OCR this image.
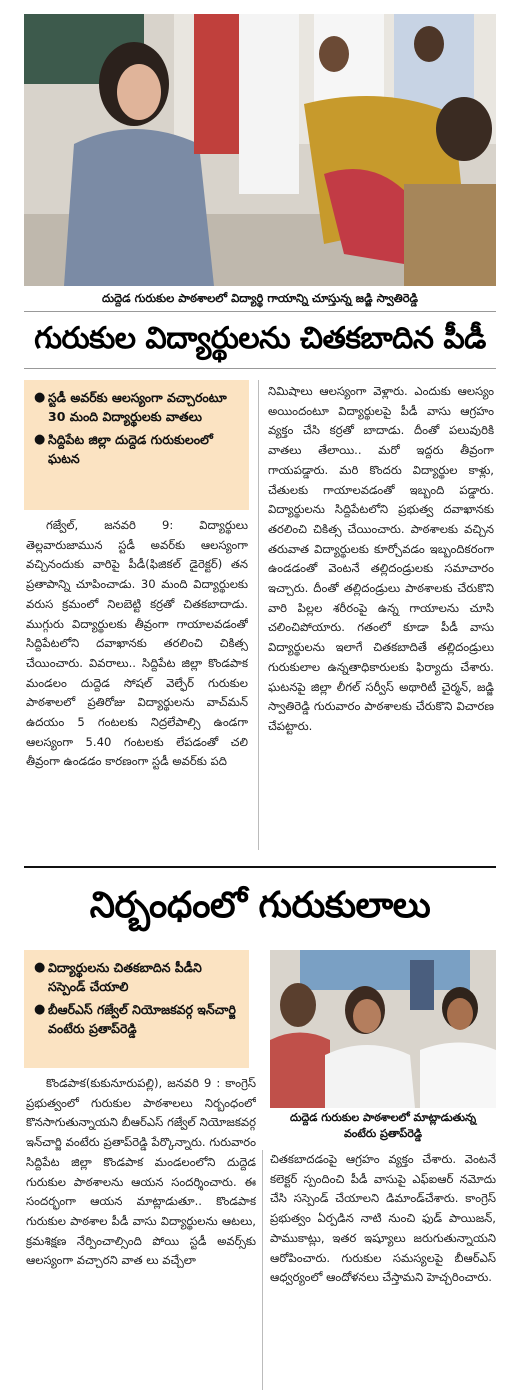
దుద్దెడ గురుకుల పాఠశాలలో విద్యార్థి గాయాన్ని చూస్తున్న జడ్జి స్వాతిరెడ్డి
గురుకుల విద్యార్థులను చితకబాదిన పీడీ
● స్టడీ అవర్‌కు ఆలస్యంగా వచ్చారంటూ 30 మంది విద్యార్థులకు వాతలు
● సిద్దిపేట జిల్లా దుద్దెడ గురుకులంలో ఘటన

గజ్వేల్, జనవరి 9: విద్యార్థులు తెల్లవారుజామున స్టడీ అవర్‌కు ఆలస్యంగా వచ్చినందుకు వారిపై పీడీ(ఫిజికల్ డైరెక్టర్) తన ప్రతాపాన్ని చూపించాడు. 30 మంది విద్యార్థులకు వరుస క్రమంలో నిలబెట్టి కర్రతో చితకబాదాడు. ముగ్గురు విద్యార్థులకు తీవ్రంగా గాయాలవడంతో సిద్దిపేటలోని దవాఖానకు తరలించి చికిత్స చేయించారు. వివరాలు.. సిద్దిపేట జిల్లా కొండపాక మండలం దుద్దెడ సోషల్ వెల్ఫేర్ గురుకుల పాఠశాలలో ప్రతిరోజు విద్యార్థులను వాచ్‌మన్ ఉదయం 5 గంటలకు నిద్రలేపాల్సి ఉండగా ఆలస్యంగా 5.40 గంటలకు లేపడంతో చలి తీవ్రంగా ఉండడం కారణంగా స్టడీ అవర్‌కు పది

నిమిషాలు ఆలస్యంగా వెళ్లారు. ఎందుకు ఆలస్యం అయిందంటూ విద్యార్థులపై పీడీ వాసు ఆగ్రహం వ్యక్తం చేసి కర్రతో బాదాడు. దీంతో పలువురికి వాతలు తేలాయి.. మరో ఇద్దరు తీవ్రంగా గాయపడ్డారు. మరి కొందరు విద్యార్థుల కాళ్లు, చేతులకు గాయాలవడంతో ఇబ్బంది పడ్డారు. విద్యార్థులను సిద్దిపేటలోని ప్రభుత్వ దవాఖానకు తరలించి చికిత్స చేయించారు. పాఠశాలకు వచ్చిన తరువాత విద్యార్థులకు కూర్చోవడం ఇబ్బందికరంగా ఉండడంతో వెంటనే తల్లిదండ్రులకు సమాచారం ఇచ్చారు. దీంతో తల్లిదండ్రులు పాఠశాలకు చేరుకొని వారి పిల్లల శరీరంపై ఉన్న గాయాలను చూసి చలించిపోయారు. గతంలో కూడా పీడీ వాసు విద్యార్థులను ఇలాగే చితకబాదితే తల్లిదండ్రులు గురుకులాల ఉన్నతాధికారులకు ఫిర్యాదు చేశారు. ఘటనపై జిల్లా లీగల్ సర్వీస్ అథారిటీ చైర్మన్, జడ్జి స్వాతిరెడ్డి గురువారం పాఠశాలకు చేరుకొని విచారణ చేపట్టారు.

నిర్బంధంలో గురుకులాలు
● విద్యార్థులను చితకబాదిన పీడీని సస్పెండ్ చేయాలి
● బీఆర్ఎస్ గజ్వేల్ నియోజకవర్గ ఇన్‌చార్జి వంటేరు ప్రతాప్‌రెడ్డి
దుద్దెడ గురుకుల పాఠశాలలో మాట్లాడుతున్న వంటేరు ప్రతాప్‌రెడ్డి

కొండపాక(కుకునూరుపల్లి), జనవరి 9 : కాంగ్రెస్ ప్రభుత్వంలో గురుకుల పాఠశాలలు నిర్బంధంలో కొనసాగుతున్నాయని బీఆర్ఎస్ గజ్వేల్ నియోజకవర్గ ఇన్‌చార్జి వంటేరు ప్రతాప్‌రెడ్డి పేర్కొన్నారు. గురువారం సిద్దిపేట జిల్లా కొండపాక మండలంలోని దుద్దెడ గురుకుల పాఠశాలను ఆయన సందర్శించారు. ఈ సందర్భంగా ఆయన మాట్లాడుతూ.. కొండపాక గురుకుల పాఠశాల పీడీ వాసు విద్యార్థులను ఆటలు, క్రమశిక్షణ నేర్పించాల్సింది పోయి స్టడీ అవర్స్‌కు ఆలస్యంగా వచ్చారని వాత లు వచ్చేలా

చితకబాదడంపై ఆగ్రహం వ్యక్తం చేశారు. వెంటనే కలెక్టర్ స్పందించి పీడీ వాసుపై ఎఫ్ఐఆర్ నమోదు చేసి సస్పెండ్ చేయాలని డిమాండ్‌చేశారు. కాంగ్రెస్ ప్రభుత్వం ఏర్పడిన నాటి నుంచి ఫుడ్ పాయిజన్, పాముకాట్లు, ఇతర ఇష్యూలు జరుగుతున్నాయని ఆరోపించారు. గురుకుల సమస్యలపై బీఆర్ఎస్ ఆధ్వర్యంలో ఆందోళనలు చేస్తామని హెచ్చరించారు.
